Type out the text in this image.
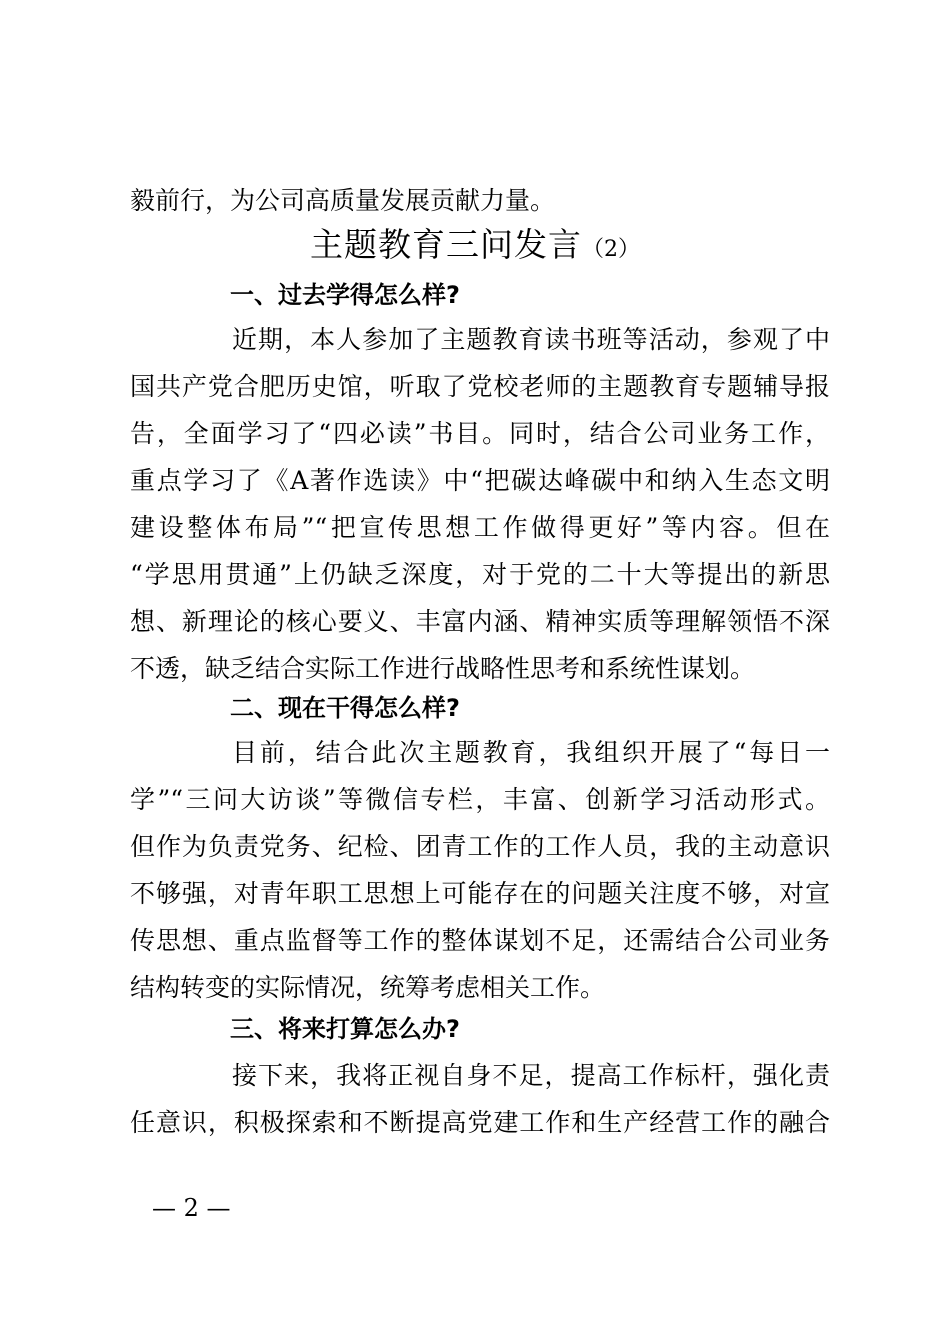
毅前行，为公司高质量发展贡献力量。
主题教育三问发言（2）
一、过去学得怎么样?
近期，本人参加了主题教育读书班等活动，参观了中
国共产党合肥历史馆，听取了党校老师的主题教育专题辅导报
告，全面学习了“四必读”书目。同时，结合公司业务工作，
重点学习了《A著作选读》中“把碳达峰碳中和纳入生态文明
建设整体布局”“把宣传思想工作做得更好”等内容。但在
“学思用贯通”上仍缺乏深度，对于党的二十大等提出的新思
想、新理论的核心要义、丰富内涵、精神实质等理解领悟不深
不透，缺乏结合实际工作进行战略性思考和系统性谋划。
二、现在干得怎么样?
目前，结合此次主题教育，我组织开展了“每日一
学”“三问大访谈”等微信专栏，丰富、创新学习活动形式。
但作为负责党务、纪检、团青工作的工作人员，我的主动意识
不够强，对青年职工思想上可能存在的问题关注度不够，对宣
传思想、重点监督等工作的整体谋划不足，还需结合公司业务
结构转变的实际情况，统筹考虑相关工作。
三、将来打算怎么办?
接下来，我将正视自身不足，提高工作标杆，强化责
任意识，积极探索和不断提高党建工作和生产经营工作的融合
— 2 —
